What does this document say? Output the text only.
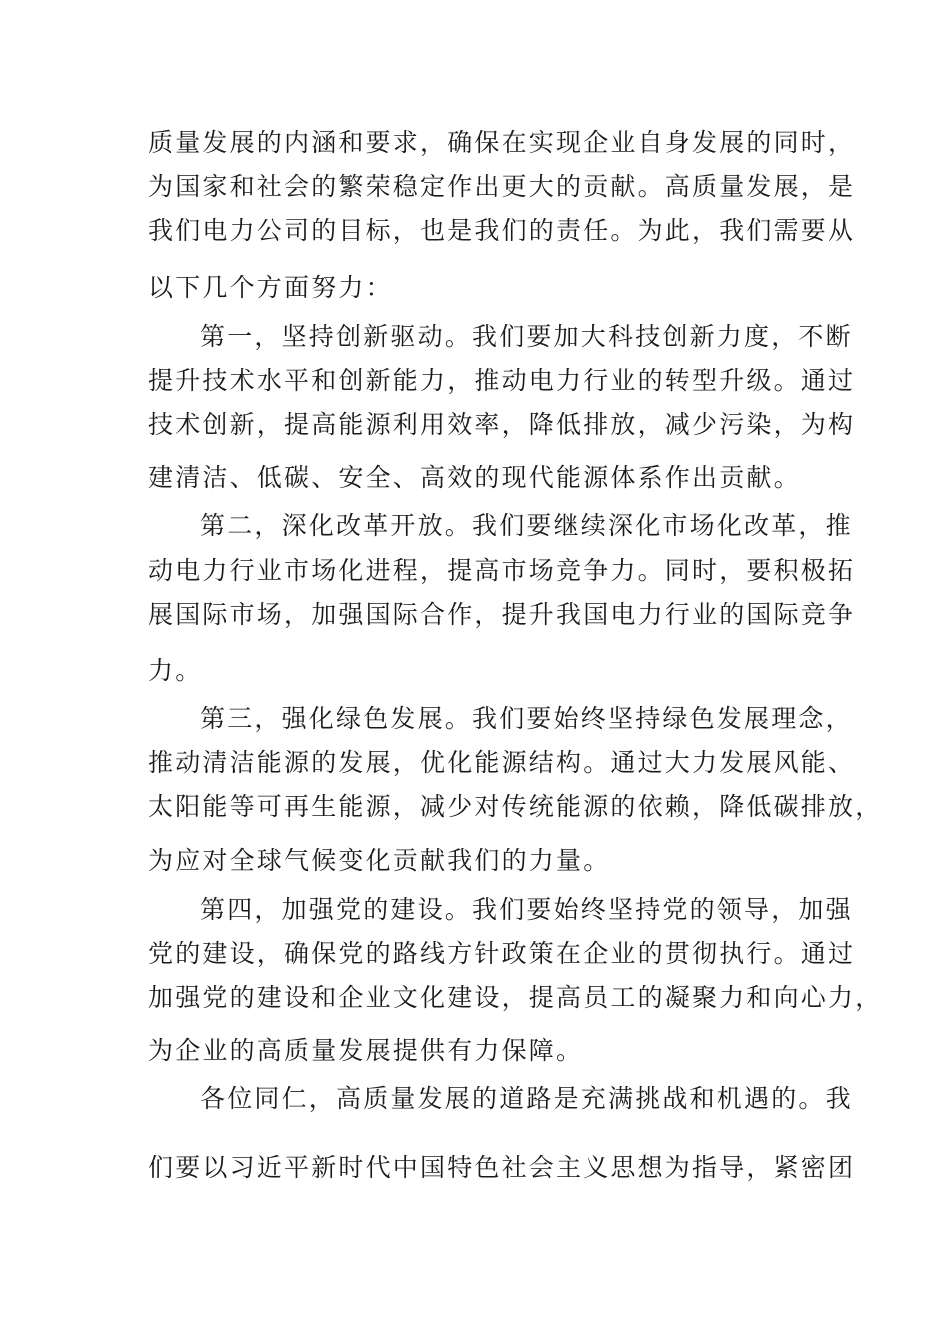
质量发展的内涵和要求，确保在实现企业自身发展的同时，
为国家和社会的繁荣稳定作出更大的贡献。高质量发展，是
我们电力公司的目标，也是我们的责任。为此，我们需要从
以下几个方面努力：
第一，坚持创新驱动。我们要加大科技创新力度，不断
提升技术水平和创新能力，推动电力行业的转型升级。通过
技术创新，提高能源利用效率，降低排放，减少污染，为构
建清洁、低碳、安全、高效的现代能源体系作出贡献。
第二，深化改革开放。我们要继续深化市场化改革，推
动电力行业市场化进程，提高市场竞争力。同时，要积极拓
展国际市场，加强国际合作，提升我国电力行业的国际竞争
力。
第三，强化绿色发展。我们要始终坚持绿色发展理念，
推动清洁能源的发展，优化能源结构。通过大力发展风能、
太阳能等可再生能源，减少对传统能源的依赖，降低碳排放，
为应对全球气候变化贡献我们的力量。
第四，加强党的建设。我们要始终坚持党的领导，加强
党的建设，确保党的路线方针政策在企业的贯彻执行。通过
加强党的建设和企业文化建设，提高员工的凝聚力和向心力，
为企业的高质量发展提供有力保障。
各位同仁，高质量发展的道路是充满挑战和机遇的。我
们要以习近平新时代中国特色社会主义思想为指导，紧密团
